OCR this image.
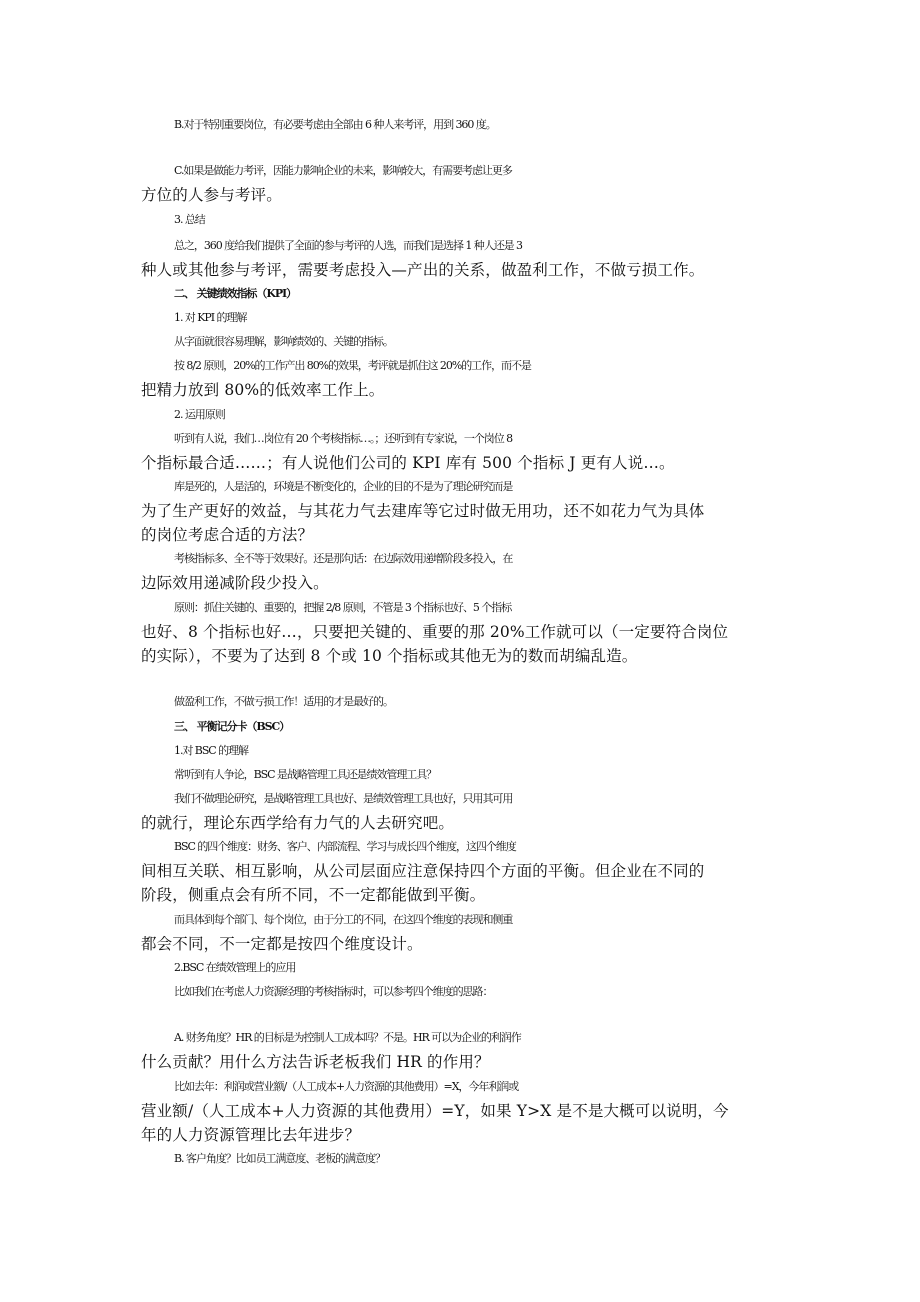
B.对于特别重要岗位，有必要考虑由全部由 6 种人来考评，用到 360 度。
C.如果是做能力考评，因能力影响企业的未来，影响较大，有需要考虑让更多
方位的人参与考评。
3. 总结
总之，360 度给我们提供了全面的参与考评的人选，而我们是选择 1 种人还是 3
种人或其他参与考评，需要考虑投入—产出的关系，做盈利工作，不做亏损工作。
二、 关键绩效指标（KPI）
1. 对 KPI 的理解
从字面就很容易理解，影响绩效的、关键的指标。
按 8/2 原则，20%的工作产出 80%的效果，考评就是抓住这 20%的工作，而不是
把精力放到 80%的低效率工作上。
2. 运用原则
听到有人说，我们…岗位有 20 个考核指标…。；还听到有专家说，一个岗位 8
个指标最合适……；有人说他们公司的 KPI 库有 500 个指标 J 更有人说…。
库是死的，人是活的，环境是不断变化的，企业的目的不是为了理论研究而是
为了生产更好的效益，与其花力气去建库等它过时做无用功，还不如花力气为具体
的岗位考虑合适的方法？
考核指标多、全不等于效果好。还是那句话：在边际效用递增阶段多投入，在
边际效用递减阶段少投入。
原则：抓住关键的、重要的，把握 2/8 原则，不管是 3 个指标也好、5 个指标
也好、8 个指标也好…，只要把关键的、重要的那 20%工作就可以（一定要符合岗位
的实际），不要为了达到 8 个或 10 个指标或其他无为的数而胡编乱造。
做盈利工作，不做亏损工作！适用的才是最好的。
三、 平衡记分卡（BSC）
1.对 BSC 的理解
常听到有人争论，BSC 是战略管理工具还是绩效管理工具？
我们不做理论研究，是战略管理工具也好、是绩效管理工具也好，只用其可用
的就行，理论东西学给有力气的人去研究吧。
BSC 的四个维度：财务、客户、内部流程、学习与成长四个维度，这四个维度
间相互关联、相互影响，从公司层面应注意保持四个方面的平衡。但企业在不同的
阶段，侧重点会有所不同，不一定都能做到平衡。
而具体到每个部门、每个岗位，由于分工的不同，在这四个维度的表现和侧重
都会不同，不一定都是按四个维度设计。
2.BSC 在绩效管理上的应用
比如我们在考虑人力资源经理的考核指标时，可以参考四个维度的思路：
A. 财务角度？HR 的目标是为控制人工成本吗？不是。HR 可以为企业的利润作
什么贡献？用什么方法告诉老板我们 HR 的作用？
比如去年：利润或营业额/（人工成本+人力资源的其他费用）=X，今年利润或
营业额/（人工成本+人力资源的其他费用）=Y，如果 Y>X 是不是大概可以说明，今
年的人力资源管理比去年进步？
B. 客户角度？比如员工满意度、老板的满意度？
